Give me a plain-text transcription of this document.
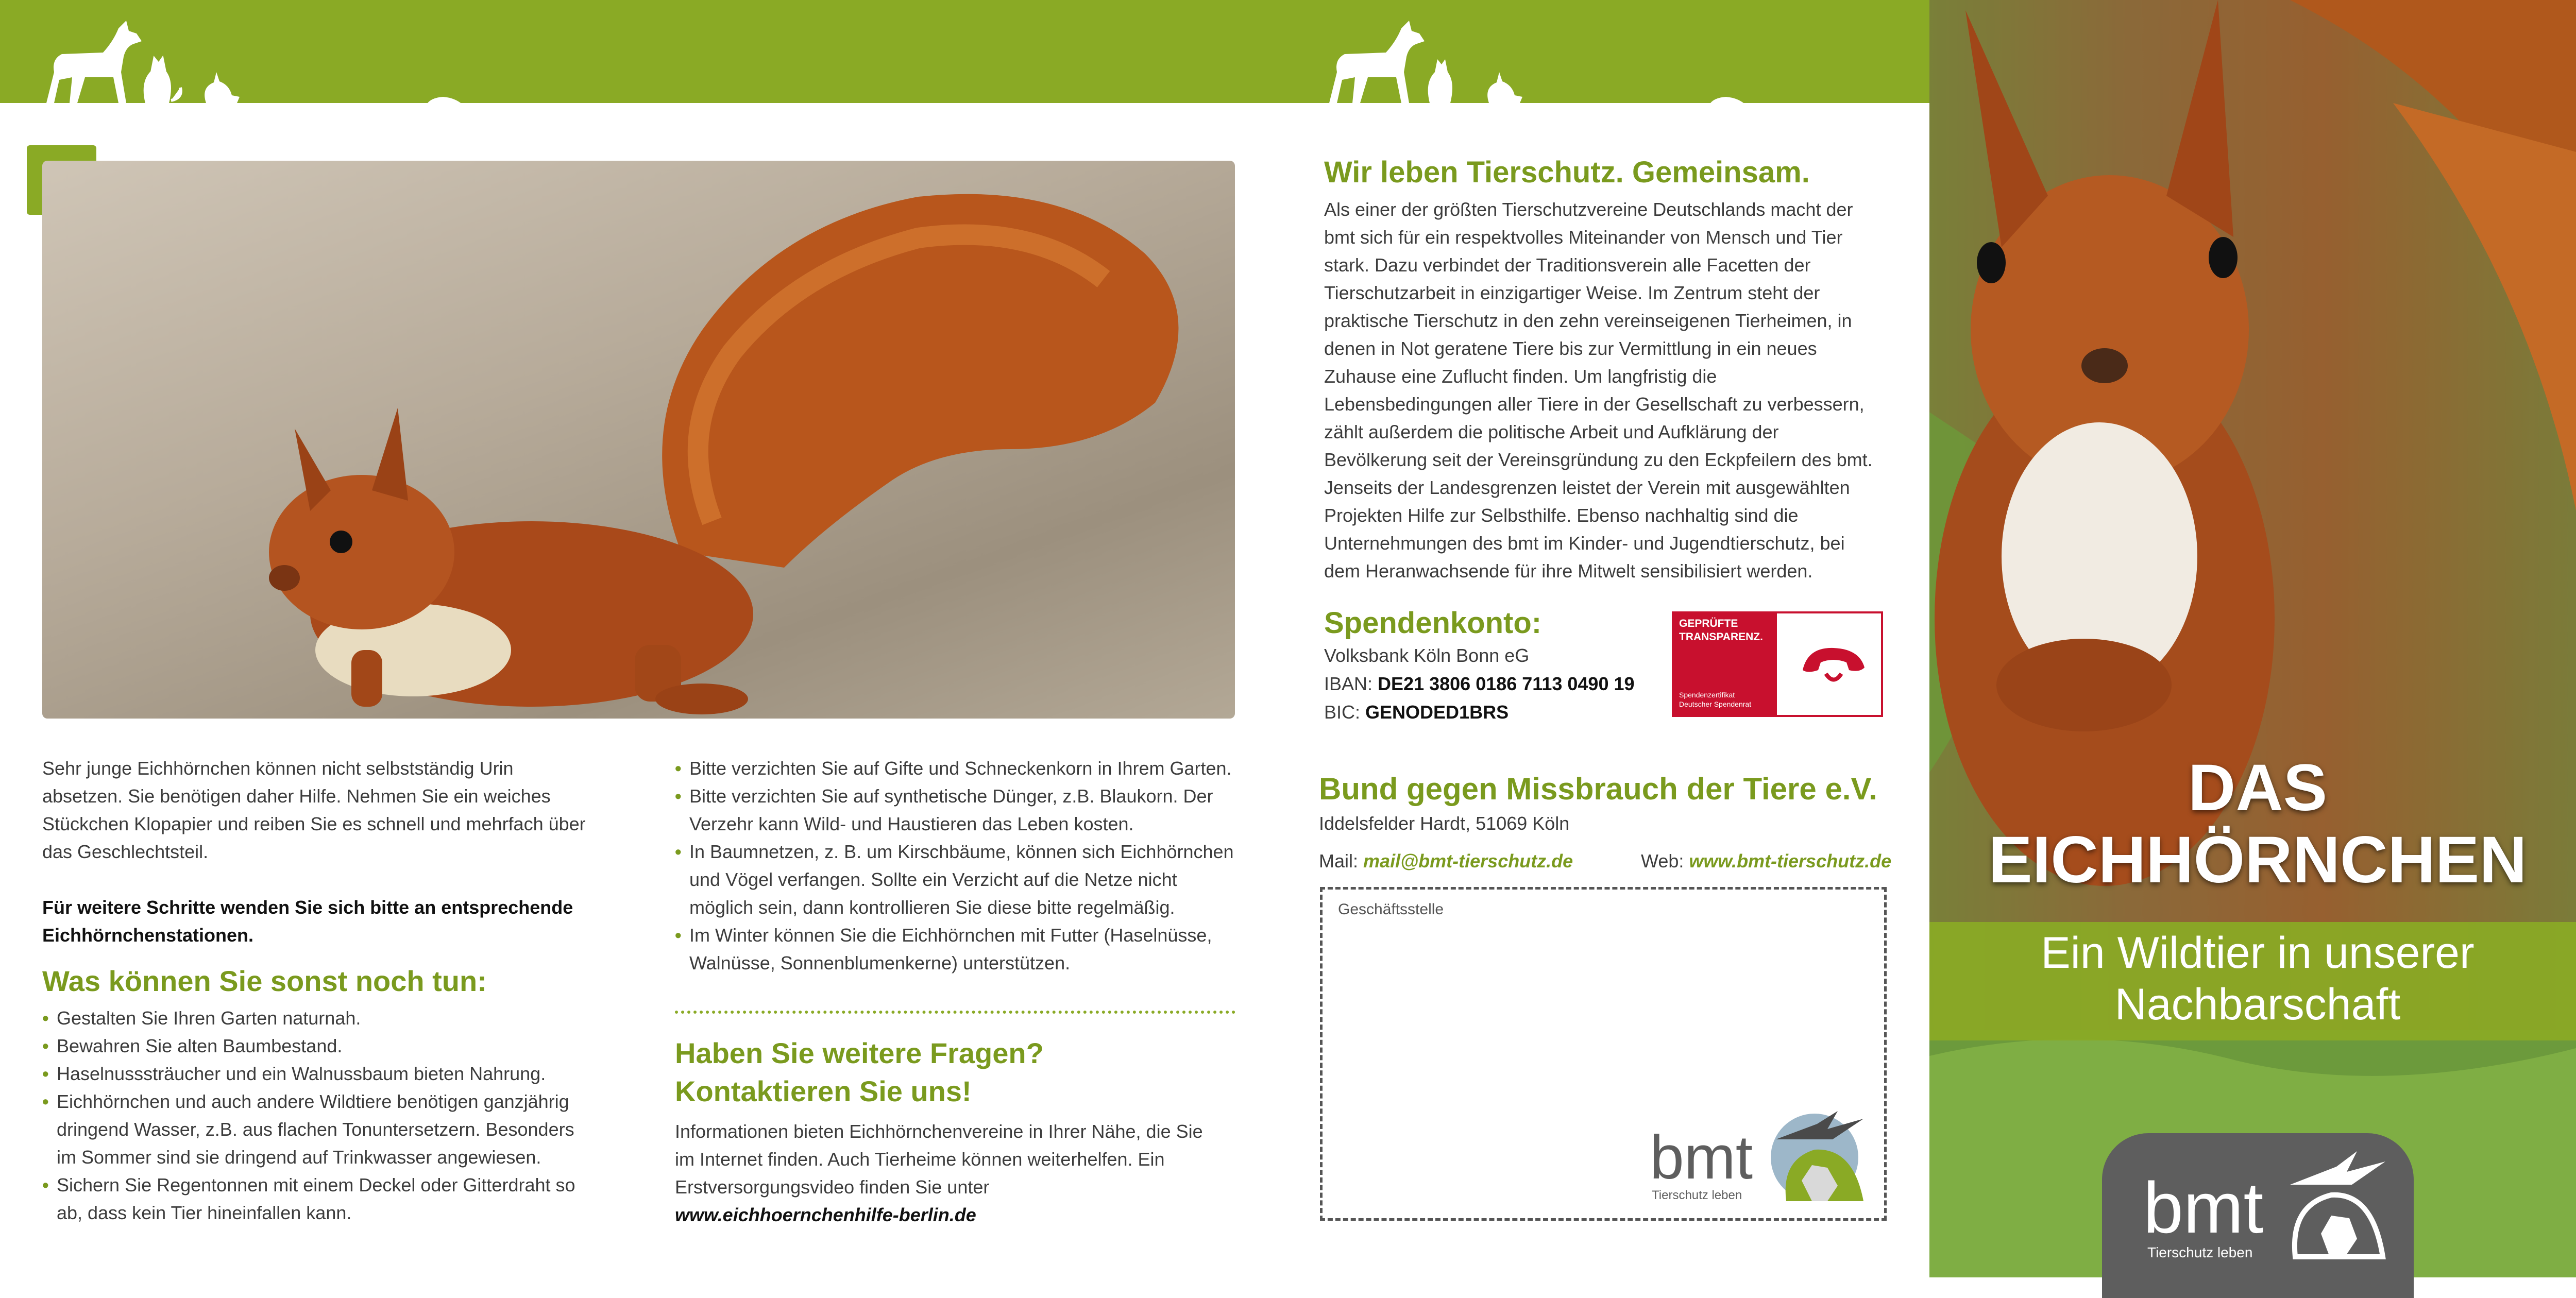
Sehr junge Eichhörnchen können nicht selbstständig Urin absetzen. Sie benötigen daher Hilfe. Nehmen Sie ein weiches Stückchen Klopapier und reiben Sie es schnell und mehrfach über das Geschlechtsteil.
Für weitere Schritte wenden Sie sich bitte an entsprechende Eichhörnchenstationen.
Was können Sie sonst noch tun:
• Gestalten Sie Ihren Garten naturnah.
• Bewahren Sie alten Baumbestand.
• Haselnusssträucher und ein Walnussbaum bieten Nahrung.
• Eichhörnchen und auch andere Wildtiere benötigen ganzjährig dringend Wasser, z.B. aus flachen Tonuntersetzern. Besonders im Sommer sind sie dringend auf Trinkwasser angewiesen.
• Sichern Sie Regentonnen mit einem Deckel oder Gitterdraht so ab, dass kein Tier hineinfallen kann.
• Bitte verzichten Sie auf Gifte und Schneckenkorn in Ihrem Garten.
• Bitte verzichten Sie auf synthetische Dünger, z.B. Blaukorn. Der Verzehr kann Wild- und Haustieren das Leben kosten.
• In Baumnetzen, z. B. um Kirschbäume, können sich Eichhörnchen und Vögel verfangen. Sollte ein Verzicht auf die Netze nicht möglich sein, dann kontrollieren Sie diese bitte regelmäßig.
• Im Winter können Sie die Eichhörnchen mit Futter (Haselnüsse, Walnüsse, Sonnenblumenkerne) unterstützen.
Haben Sie weitere Fragen?
Kontaktieren Sie uns!
Informationen bieten Eichhörnchenvereine in Ihrer Nähe, die Sie im Internet finden. Auch Tierheime können weiterhelfen. Ein Erstversorgungsvideo finden Sie unter
www.eichhoernchenhilfe-berlin.de
Wir leben Tierschutz. Gemeinsam.
Als einer der größten Tierschutzvereine Deutschlands macht der bmt sich für ein respektvolles Miteinander von Mensch und Tier stark. Dazu verbindet der Traditionsverein alle Facetten der Tierschutzarbeit in einzigartiger Weise. Im Zentrum steht der praktische Tierschutz in den zehn vereinseigenen Tierheimen, in denen in Not geratene Tiere bis zur Vermittlung in ein neues Zuhause eine Zuflucht finden. Um langfristig die Lebensbedingungen aller Tiere in der Gesellschaft zu verbessern, zählt außerdem die politische Arbeit und Aufklärung der Bevölkerung seit der Vereinsgründung zu den Eckpfeilern des bmt. Jenseits der Landesgrenzen leistet der Verein mit ausgewählten Projekten Hilfe zur Selbsthilfe. Ebenso nachhaltig sind die Unternehmungen des bmt im Kinder- und Jugendtierschutz, bei dem Heranwachsende für ihre Mitwelt sensibilisiert werden.
Spendenkonto:
Volksbank Köln Bonn eG
IBAN: DE21 3806 0186 7113 0490 19
BIC: GENODED1BRS
GEPRÜFTE
TRANSPARENZ.
Spendenzertifikat
Deutscher Spendenrat
Bund gegen Missbrauch der Tiere e.V.
Iddelsfelder Hardt, 51069 Köln
Mail: mail@bmt-tierschutz.de	Web: www.bmt-tierschutz.de
Geschäftsstelle
bmt
Tierschutz leben
DAS
EICHHÖRNCHEN
Ein Wildtier in unserer
Nachbarschaft
bmt
Tierschutz leben
